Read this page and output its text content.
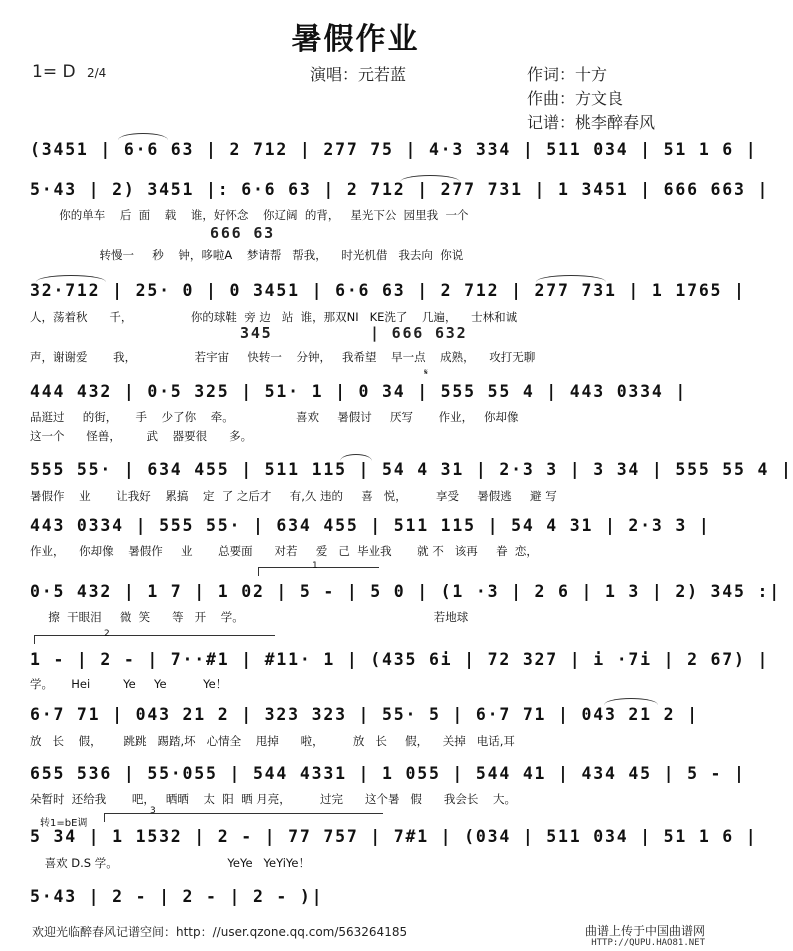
暑假作业
1= D 2/4	演唱：元若蓝	作词：十方
作曲：方文良
记谱：桃李醉春风
(3451 | 6·6 63 | 2 712 | 277 75 | 4·3 334 | 511 034 | 51 1 6 |
5·43 | 2) 3451 |: 6·6 63 | 2 712 | 277 731 | 1 3451 | 666 663 |
你的单车    后  面    载    谁，好怀念    你辽阔  的背，   星光下公  园里我  一个
666 63
转慢一     秒    钟，哆啦A    梦请帮   帮我，    时光机借   我去向  你说
32·712 | 25· 0 | 0 3451 | 6·6 63 | 2 712 | 277 731 | 1 1765 |
人，荡着秋      千，                你的球鞋  旁 边   站  谁，那双NI   KE洗了    几遍，    士林和诚
345         | 666 632
声，谢谢爱       我，                若宇宙     快转一    分钟，   我希望    早一点    成熟，    攻打无聊
444 432 | 0·5 325 | 51· 1 | 0 34 | 555 55 4 | 443 0334 |
品逛过     的街，     手    少了你    牵。                 喜欢     暑假讨     厌写       作业，   你却像
这一个      怪兽，       武    器要很      多。
𝄋
555 55· | 634 455 | 511 115 | 54 4 31 | 2·3 3 | 3 34 | 555 55 4 |
暑假作    业       让我好    累搞    定  了 之后才     有,久 违的     喜   悦，        享受     暑假逃     避 写
443 0334 | 555 55· | 634 455 | 511 115 | 54 4 31 | 2·3 3 |
作业，    你却像    暑假作     业       总要面      对若     爱   己  毕业我       就 不   该再     眷  恋，
1
0·5 432 | 1 7 | 1 02 | 5 - | 5 0 | (1 ·3 | 2 6 | 1 3 | 2) 345 :|
擦  干眼泪     微  笑      等   开    学。                                                    若地球
2
1 - | 2 - | 7··#1 | #11· 1 | (435 6i | 72 327 | i ·7i | 2 67) |
学。     Hei         Ye     Ye          Ye！
6·7 71 | 043 21 2 | 323 323 | 55· 5 | 6·7 71 | 043 21 2 |
放   长    假，      跳跳   踢踏,坏   心情全    甩掉      啦，        放   长     假，    关掉   电话,耳
655 536 | 55·055 | 544 4331 | 1 055 | 544 41 | 434 45 | 5 - |
朵暂时  还给我       吧，   晒晒    太  阳  晒 月亮，        过完      这个暑   假      我会长    大。
转1=bE调
3
5 34 | 1 1532 | 2 - | 77 757 | 7#1 | (034 | 511 034 | 51 1 6 |
喜欢 D.S 学。                              YeYe   YeYiYe！
5·43 | 2 - | 2 - | 2 - )|
欢迎光临醉春风记谱空间：http：//user.qzone.qq.com/563264185	曲谱上传于中国曲谱网
HTTP://QUPU.HAO81.NET
